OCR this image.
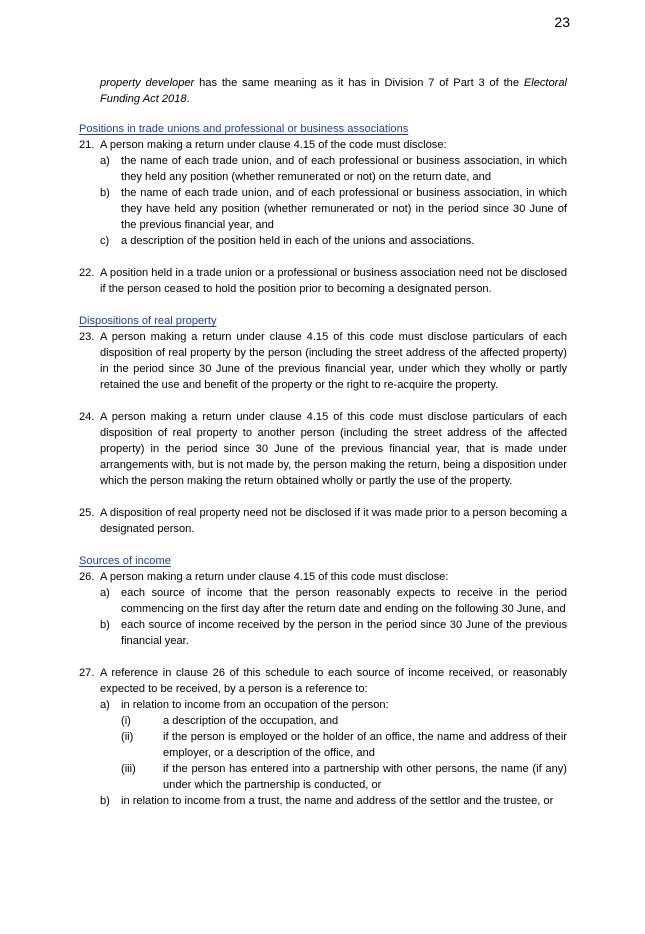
23

property developer has the same meaning as it has in Division 7 of Part 3 of the Electoral Funding Act 2018.

Positions in trade unions and professional or business associations
21. A person making a return under clause 4.15 of the code must disclose:
a) the name of each trade union, and of each professional or business association, in which they held any position (whether remunerated or not) on the return date, and
b) the name of each trade union, and of each professional or business association, in which they have held any position (whether remunerated or not) in the period since 30 June of the previous financial year, and
c) a description of the position held in each of the unions and associations.
22. A position held in a trade union or a professional or business association need not be disclosed if the person ceased to hold the position prior to becoming a designated person.
Dispositions of real property
23. A person making a return under clause 4.15 of this code must disclose particulars of each disposition of real property by the person (including the street address of the affected property) in the period since 30 June of the previous financial year, under which they wholly or partly retained the use and benefit of the property or the right to re-acquire the property.
24. A person making a return under clause 4.15 of this code must disclose particulars of each disposition of real property to another person (including the street address of the affected property) in the period since 30 June of the previous financial year, that is made under arrangements with, but is not made by, the person making the return, being a disposition under which the person making the return obtained wholly or partly the use of the property.
25. A disposition of real property need not be disclosed if it was made prior to a person becoming a designated person.
Sources of income
26. A person making a return under clause 4.15 of this code must disclose:
a) each source of income that the person reasonably expects to receive in the period commencing on the first day after the return date and ending on the following 30 June, and
b) each source of income received by the person in the period since 30 June of the previous financial year.
27. A reference in clause 26 of this schedule to each source of income received, or reasonably expected to be received, by a person is a reference to:
a) in relation to income from an occupation of the person:
(i)	a description of the occupation, and
(ii)	if the person is employed or the holder of an office, the name and address of their employer, or a description of the office, and
(iii) if the person has entered into a partnership with other persons, the name (if any) under which the partnership is conducted, or
b) in relation to income from a trust, the name and address of the settlor and the trustee, or
